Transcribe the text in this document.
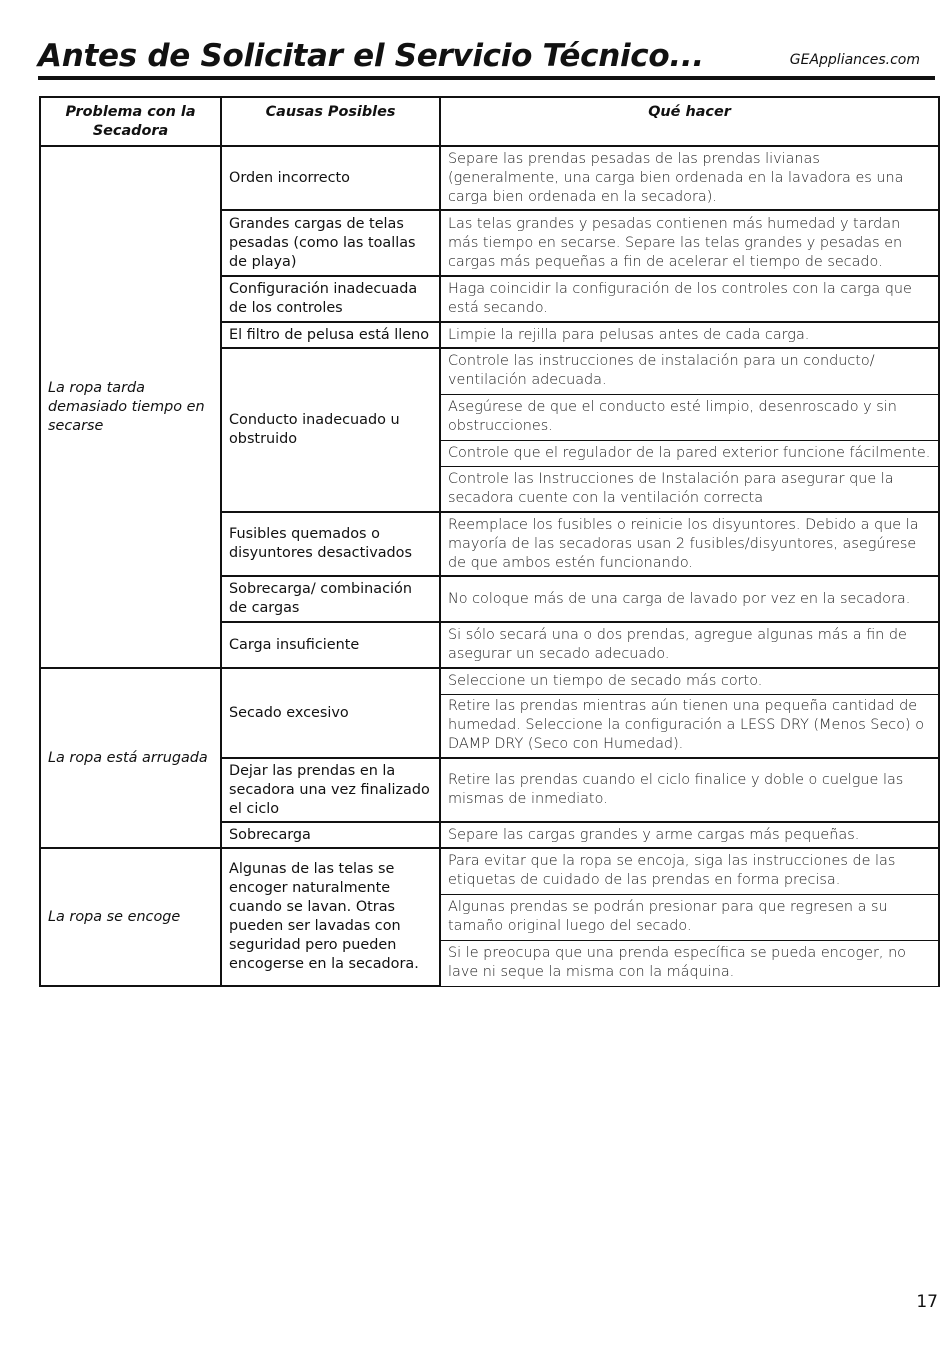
Antes de Solicitar el Servicio Técnico...	GEAppliances.com
Problema con la Secadora	Causas Posibles	Qué hacer
La ropa tarda demasiado tiempo en secarse	Orden incorrecto	Separe las prendas pesadas de las prendas livianas (generalmente, una carga bien ordenada en la lavadora es una carga bien ordenada en la secadora).
	Grandes cargas de telas pesadas (como las toallas de playa)	Las telas grandes y pesadas contienen más humedad y tardan más tiempo en secarse. Separe las telas grandes y pesadas en cargas más pequeñas a fin de acelerar el tiempo de secado.
	Configuración inadecuada de los controles	Haga coincidir la configuración de los controles con la carga que está secando.
	El filtro de pelusa está lleno	Limpie la rejilla para pelusas antes de cada carga.
	Conducto inadecuado u obstruido	Controle las instrucciones de instalación para un conducto/ ventilación adecuada.
		Asegúrese de que el conducto esté limpio, desenroscado y sin obstrucciones.
		Controle que el regulador de la pared exterior funcione fácilmente.
		Controle las Instrucciones de Instalación para asegurar que la secadora cuente con la ventilación correcta
	Fusibles quemados o disyuntores desactivados	Reemplace los fusibles o reinicie los disyuntores. Debido a que la mayoría de las secadoras usan 2 fusibles/disyuntores, asegúrese de que ambos estén funcionando.
	Sobrecarga/ combinación de cargas	No coloque más de una carga de lavado por vez en la secadora.
	Carga insuficiente	Si sólo secará una o dos prendas, agregue algunas más a fin de asegurar un secado adecuado.
La ropa está arrugada	Secado excesivo	Seleccione un tiempo de secado más corto.
		Retire las prendas mientras aún tienen una pequeña cantidad de humedad. Seleccione la configuración a LESS DRY (Menos Seco) o DAMP DRY (Seco con Humedad).
	Dejar las prendas en la secadora una vez finalizado el ciclo	Retire las prendas cuando el ciclo finalice y doble o cuelgue las mismas de inmediato.
	Sobrecarga	Separe las cargas grandes y arme cargas más pequeñas.
La ropa se encoge	Algunas de las telas se encoger naturalmente cuando se lavan. Otras pueden ser lavadas con seguridad pero pueden encogerse en la secadora.	Para evitar que la ropa se encoja, siga las instrucciones de las etiquetas de cuidado de las prendas en forma precisa.
		Algunas prendas se podrán presionar para que regresen a su tamaño original luego del secado.
		Si le preocupa que una prenda específica se pueda encoger, no lave ni seque la misma con la máquina.
17
